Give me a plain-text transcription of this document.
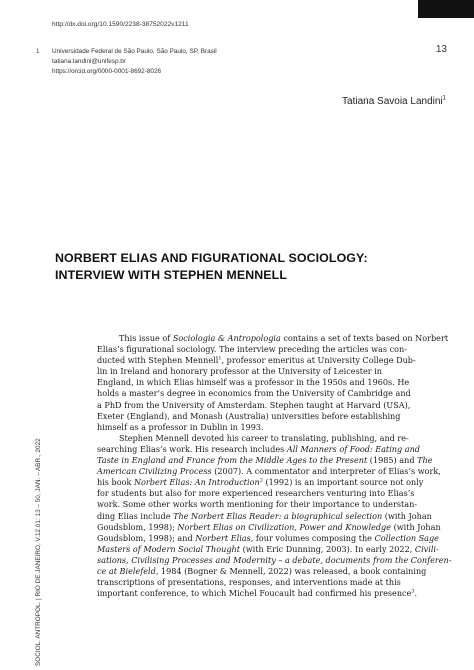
http://dx.doi.org/10.1590/2238-38752022v1211
13
1 Universidade Federal de São Paulo, São Paulo, SP, Brasil
tatiana.landini@unifesp.br
https://orcid.org/0000-0001-8692-8026
Tatiana Savoia Landini$^1$
NORBERT ELIAS AND FIGURATIONAL SOCIOLOGY:
INTERVIEW WITH STEPHEN MENNELL
This issue of Sociologia & Antropologia contains a set of texts based on Norbert
Elias’s figurational sociology. The interview preceding the articles was con-
ducted with Stephen Mennell$^1$, professor emeritus at University College Dub-
lin in Ireland and honorary professor at the University of Leicester in
England, in which Elias himself was a professor in the 1950s and 1960s. He
holds a master’s degree in economics from the University of Cambridge and
a PhD from the University of Amsterdam. Stephen taught at Harvard (USA),
Exeter (England), and Monash (Australia) universities before establishing
himself as a professor in Dublin in 1993.
Stephen Mennell devoted his career to translating, publishing, and re-
searching Elias’s work. His research includes All Manners of Food: Eating and
Taste in England and France from the Middle Ages to the Present (1985) and The
American Civilizing Process (2007). A commentator and interpreter of Elias’s work,
his book Norbert Elias: An Introduction$^2$ (1992) is an important source not only
for students but also for more experienced researchers venturing into Elias’s
work. Some other works worth mentioning for their importance to understan-
ding Elias include The Norbert Elias Reader: a biographical selection (with Johan
Goudsblom, 1998); Norbert Elias on Civilization, Power and Knowledge (with Johan
Goudsblom, 1998); and Norbert Elias, four volumes composing the Collection Sage
Masters of Modern Social Thought (with Eric Dunning, 2003). In early 2022, Civili-
sations, Civilising Processes and Modernity – a debate, documents from the Conferen-
ce at Bielefeld, 1984 (Bogner & Mennell, 2022) was released, a book containing
transcriptions of presentations, responses, and interventions made at this
important conference, to which Michel Foucault had confirmed his presence$^3$.
SOCIOL. ANTROPOL. | RIO DE JANEIRO, V.12.01: 13 – 50, JAN. – ABR., 2022
